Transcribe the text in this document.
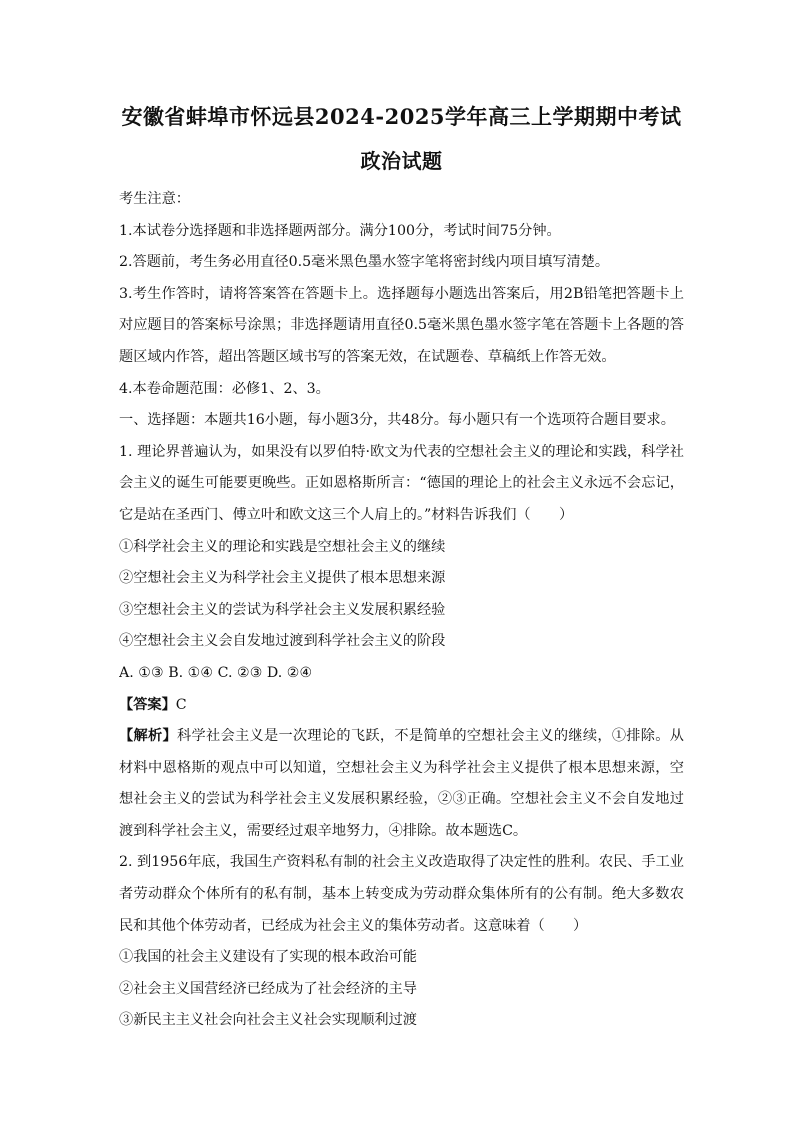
安徽省蚌埠市怀远县2024-2025学年高三上学期期中考试
政治试题
考生注意：
1.本试卷分选择题和非选择题两部分。满分100分，考试时间75分钟。
2.答题前，考生务必用直径0.5毫米黑色墨水签字笔将密封线内项目填写清楚。
3.考生作答时，请将答案答在答题卡上。选择题每小题选出答案后，用2B铅笔把答题卡上对应题目的答案标号涂黑；非选择题请用直径0.5毫米黑色墨水签字笔在答题卡上各题的答题区域内作答，超出答题区域书写的答案无效，在试题卷、草稿纸上作答无效。
4.本卷命题范围：必修1、2、3。
一、选择题：本题共16小题，每小题3分，共48分。每小题只有一个选项符合题目要求。
1. 理论界普遍认为，如果没有以罗伯特·欧文为代表的空想社会主义的理论和实践，科学社会主义的诞生可能要更晚些。正如恩格斯所言：“德国的理论上的社会主义永远不会忘记，它是站在圣西门、傅立叶和欧文这三个人肩上的。”材料告诉我们（　　）
①科学社会主义的理论和实践是空想社会主义的继续
②空想社会主义为科学社会主义提供了根本思想来源
③空想社会主义的尝试为科学社会主义发展积累经验
④空想社会主义会自发地过渡到科学社会主义的阶段
A. ①③ B. ①④ C. ②③ D. ②④
【答案】C
【解析】科学社会主义是一次理论的飞跃，不是简单的空想社会主义的继续，①排除。从材料中恩格斯的观点中可以知道，空想社会主义为科学社会主义提供了根本思想来源，空想社会主义的尝试为科学社会主义发展积累经验，②③正确。空想社会主义不会自发地过渡到科学社会主义，需要经过艰辛地努力，④排除。故本题选C。
2. 到1956年底，我国生产资料私有制的社会主义改造取得了决定性的胜利。农民、手工业者劳动群众个体所有的私有制，基本上转变成为劳动群众集体所有的公有制。绝大多数农民和其他个体劳动者，已经成为社会主义的集体劳动者。这意味着（　　）
①我国的社会主义建设有了实现的根本政治可能
②社会主义国营经济已经成为了社会经济的主导
③新民主主义社会向社会主义社会实现顺利过渡
